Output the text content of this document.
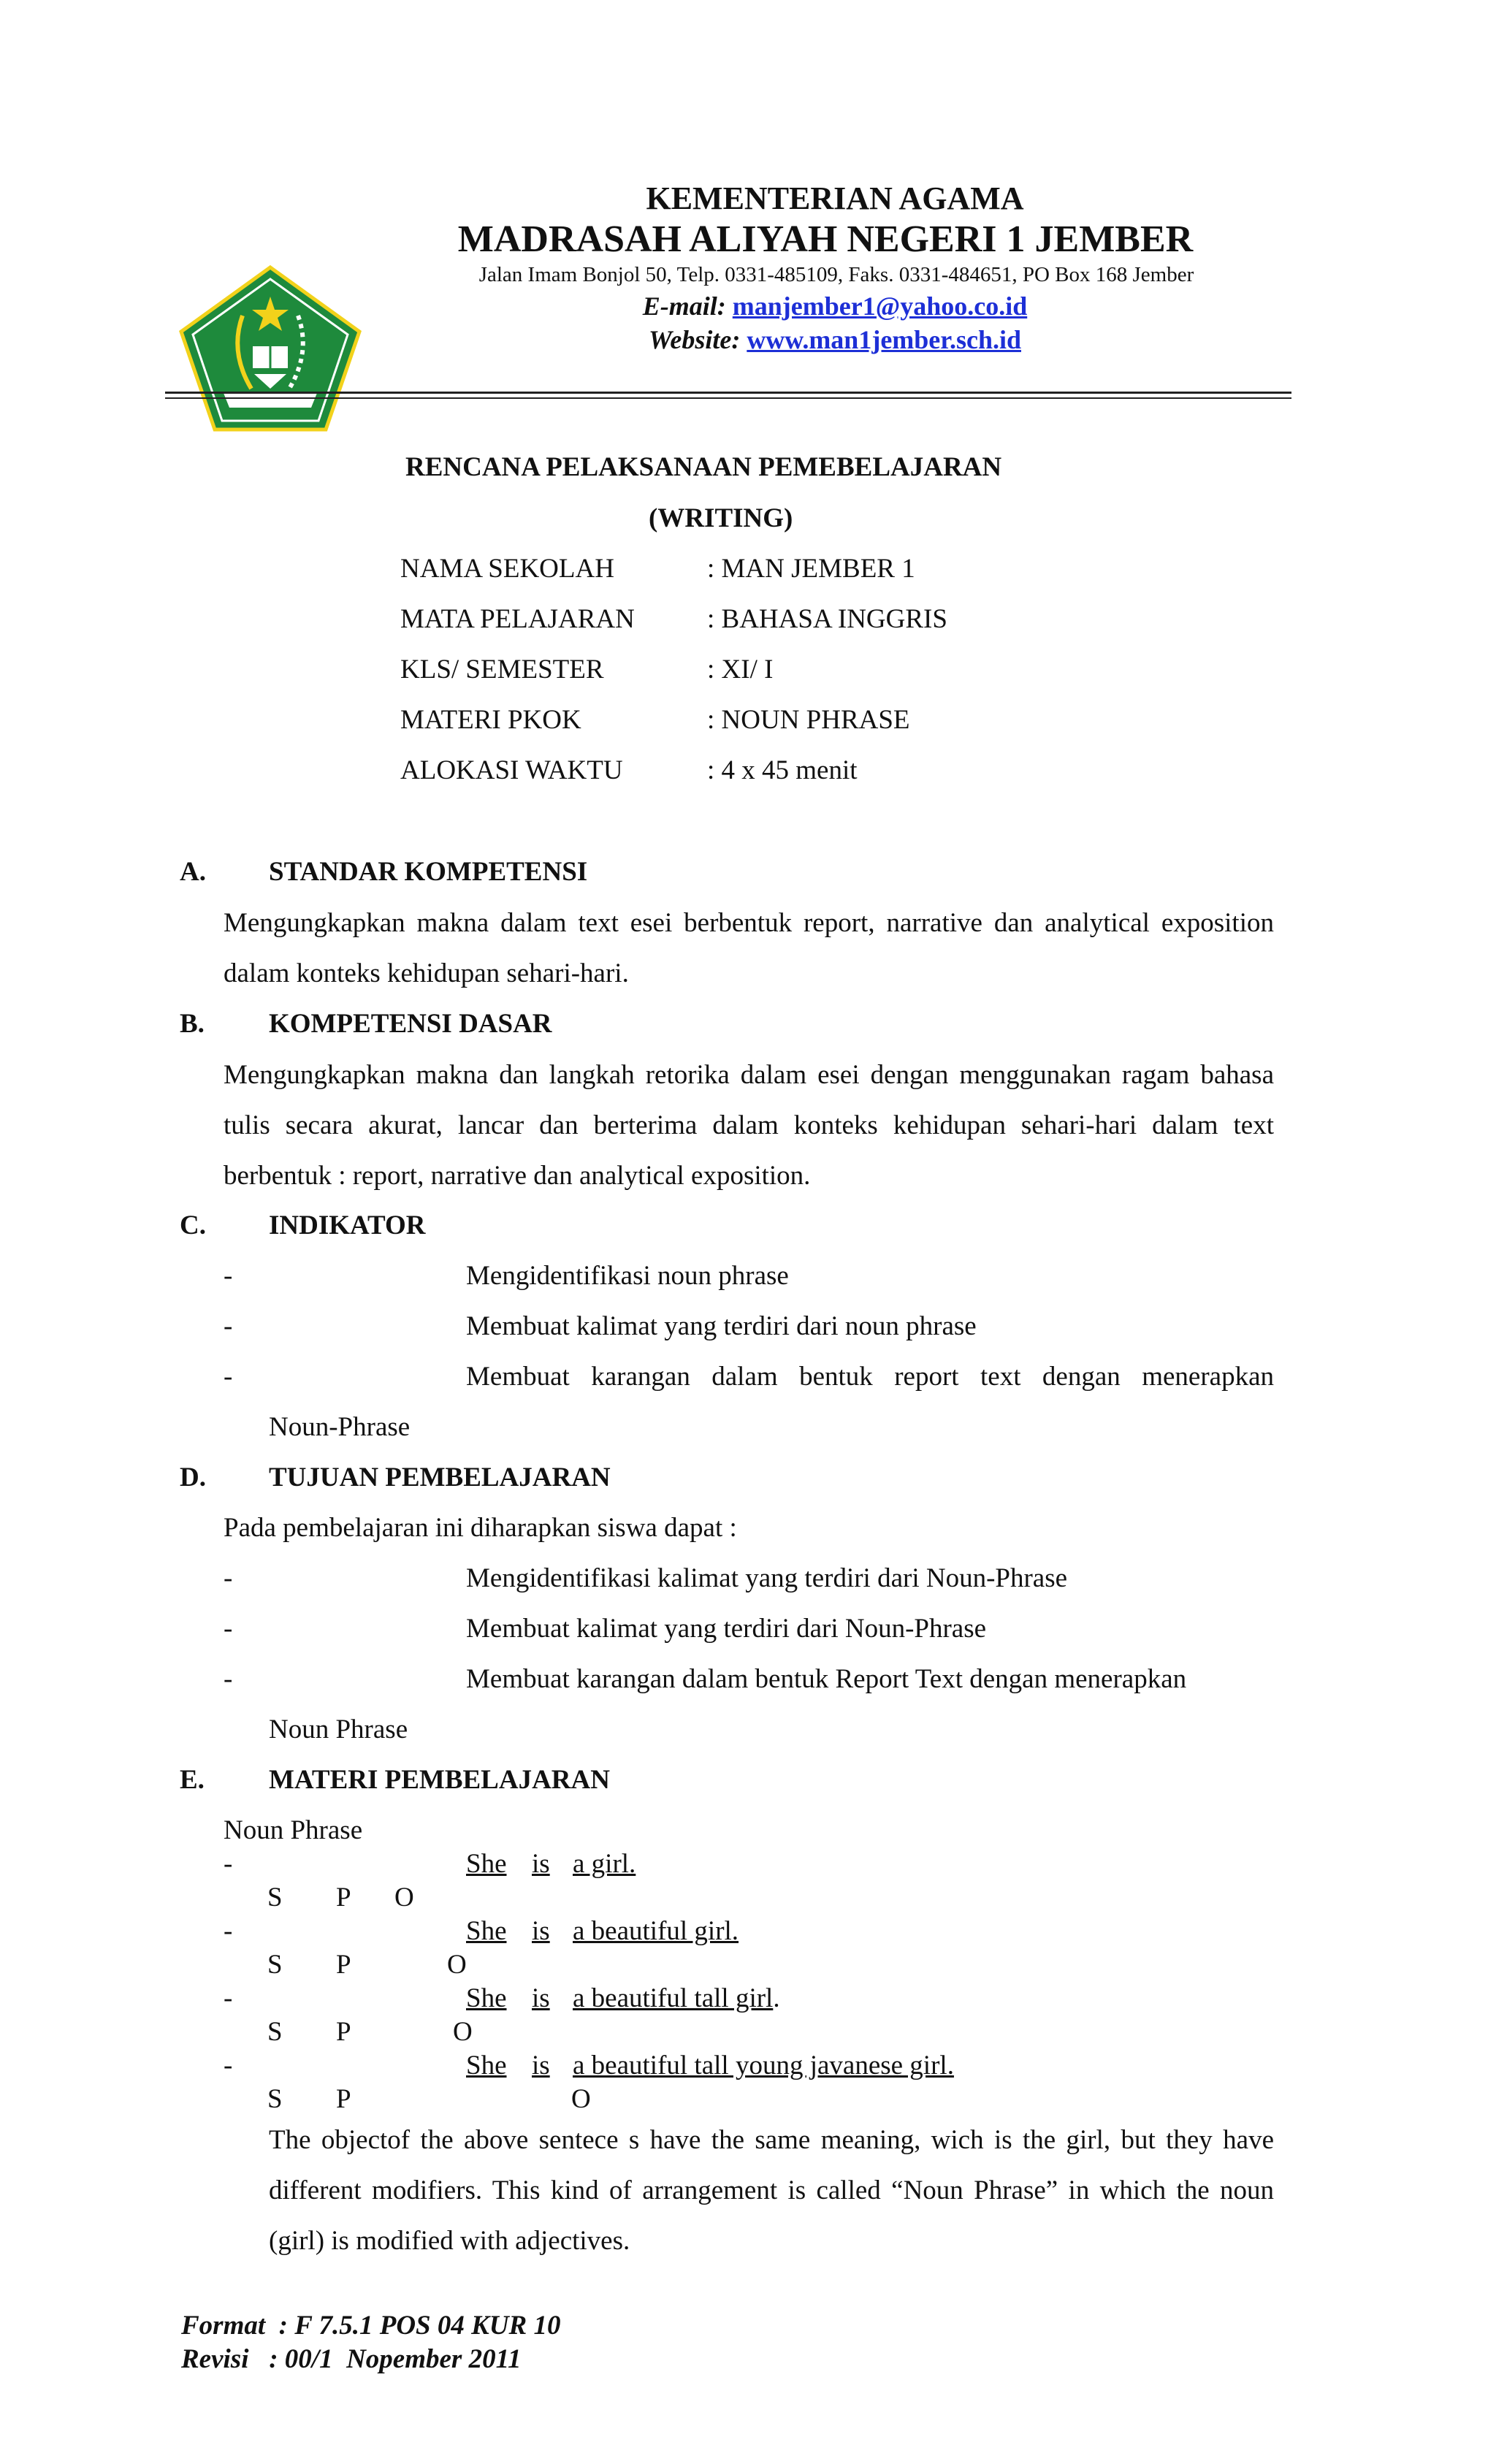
KEMENTERIAN AGAMA
MADRASAH ALIYAH NEGERI 1 JEMBER
Jalan Imam Bonjol 50, Telp. 0331-485109, Faks. 0331-484651, PO Box 168 Jember
E-mail: manjember1@yahoo.co.id
Website: www.man1jember.sch.id
RENCANA PELAKSANAAN PEMEBELAJARAN
(WRITING)
NAMA SEKOLAH	: MAN JEMBER 1
MATA PELAJARAN	: BAHASA INGGRIS
KLS/ SEMESTER	: XI/ I
MATERI PKOK	: NOUN PHRASE
ALOKASI WAKTU	: 4 x 45 menit
A. STANDAR KOMPETENSI
Mengungkapkan makna dalam text esei berbentuk report, narrative dan analytical exposition dalam konteks kehidupan sehari-hari.
B. KOMPETENSI DASAR
Mengungkapkan makna dan langkah retorika dalam esei dengan menggunakan ragam bahasa tulis secara akurat, lancar dan berterima dalam konteks kehidupan sehari-hari dalam text berbentuk : report, narrative dan analytical exposition.
C. INDIKATOR
-	Mengidentifikasi noun phrase
-	Membuat kalimat yang terdiri dari noun phrase
-	Membuat karangan dalam bentuk report text dengan menerapkan
Noun-Phrase
D. TUJUAN PEMBELAJARAN
Pada pembelajaran ini diharapkan siswa dapat :
-	Mengidentifikasi kalimat yang terdiri dari Noun-Phrase
-	Membuat kalimat yang terdiri dari Noun-Phrase
-	Membuat karangan dalam bentuk Report Text dengan menerapkan
Noun Phrase
E. MATERI PEMBELAJARAN
Noun Phrase
-	She is a girl.
S P O
-	She is a beautiful girl.
S P	O
-	She is a beautiful tall girl.
S P	O
-	She is a beautiful tall young javanese girl.
S P	O
The objectof the above sentece s have the same meaning, wich is the girl, but they have different modifiers. This kind of arrangement is called “Noun Phrase” in which the noun (girl) is modified with adjectives.
Format  : F 7.5.1 POS 04 KUR 10
Revisi   : 00/1  Nopember 2011
